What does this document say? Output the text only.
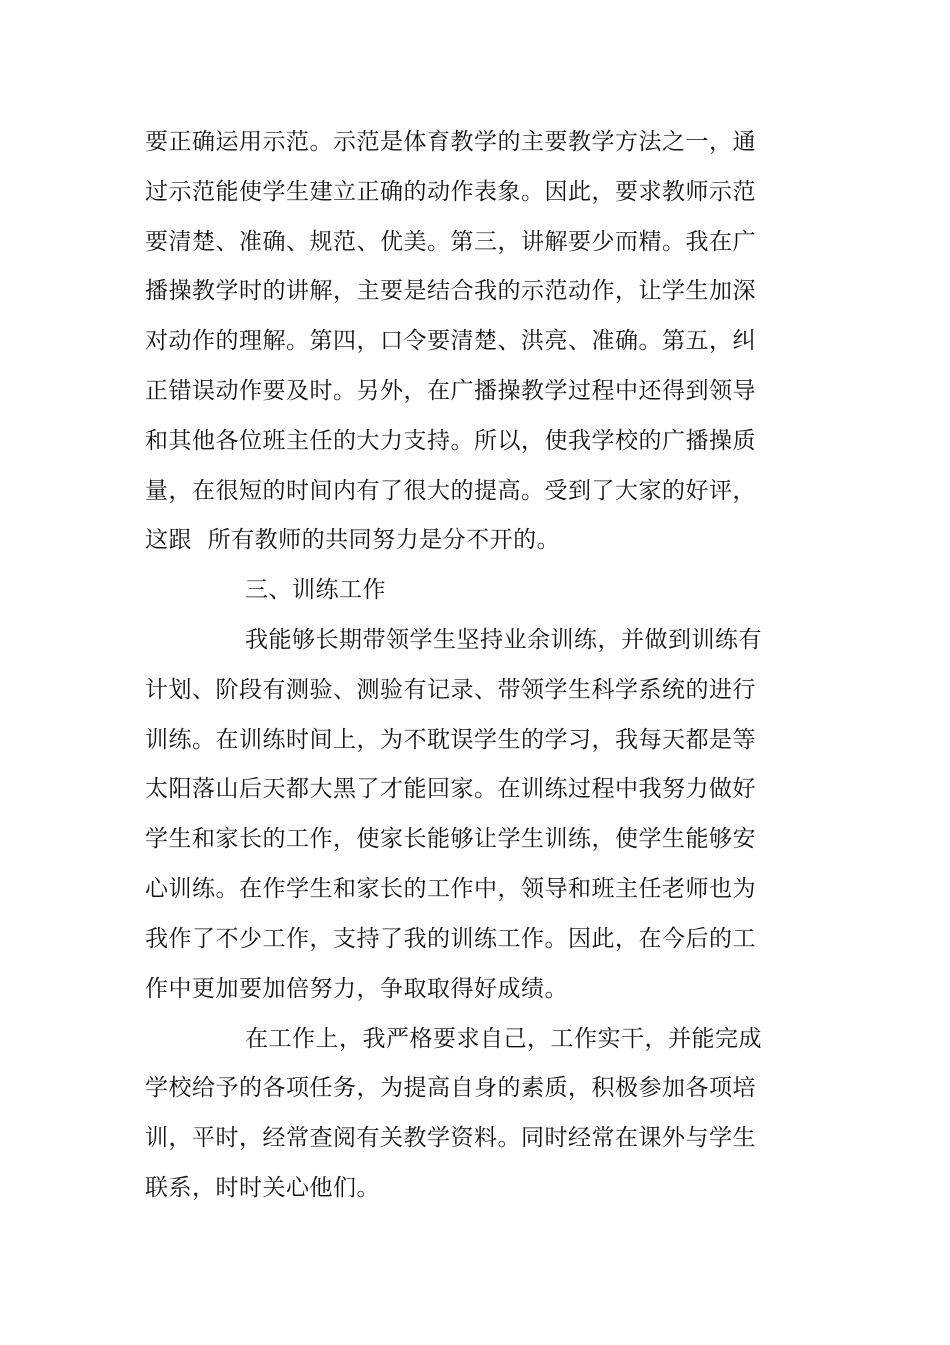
要正确运用示范。示范是体育教学的主要教学方法之一，通
过示范能使学生建立正确的动作表象。因此，要求教师示范
要清楚、准确、规范、优美。第三，讲解要少而精。我在广
播操教学时的讲解，主要是结合我的示范动作，让学生加深
对动作的理解。第四，口令要清楚、洪亮、准确。第五，纠
正错误动作要及时。另外，在广播操教学过程中还得到领导
和其他各位班主任的大力支持。所以，使我学校的广播操质
量，在很短的时间内有了很大的提高。受到了大家的好评，
这跟  所有教师的共同努力是分不开的。
三、训练工作
我能够长期带领学生坚持业余训练，并做到训练有
计划、阶段有测验、测验有记录、带领学生科学系统的进行
训练。在训练时间上，为不耽误学生的学习，我每天都是等
太阳落山后天都大黑了才能回家。在训练过程中我努力做好
学生和家长的工作，使家长能够让学生训练，使学生能够安
心训练。在作学生和家长的工作中，领导和班主任老师也为
我作了不少工作，支持了我的训练工作。因此，在今后的工
作中更加要加倍努力，争取取得好成绩。
在工作上，我严格要求自己，工作实干，并能完成
学校给予的各项任务，为提高自身的素质，积极参加各项培
训，平时，经常查阅有关教学资料。同时经常在课外与学生
联系，时时关心他们。
